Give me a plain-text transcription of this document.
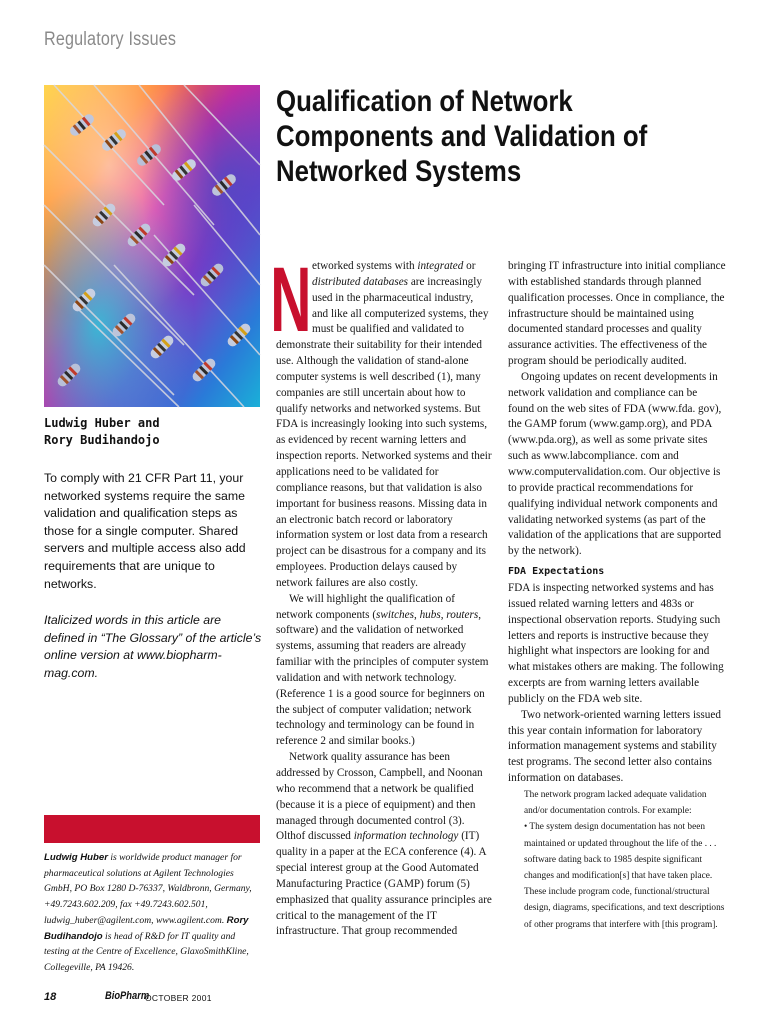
Regulatory Issues
Qualification of Network
Components and Validation of
Networked Systems
Ludwig Huber and
Rory Budihandojo
To comply with 21 CFR Part 11, your networked systems require the same validation and qualification steps as those for a single computer. Shared servers and multiple access also add requirements that are unique to networks.
Italicized words in this article are defined in “The Glossary” of the article’s online version at www.biopharm-mag.com.
Ludwig Huber is worldwide product manager for pharmaceutical solutions at Agilent Technologies GmbH, PO Box 1280 D-76337, Waldbronn, Germany, +49.7243.602.209, fax +49.7243.602.501, ludwig_huber@agilent.com, www.agilent.com. Rory Budihandojo is head of R&D for IT quality and testing at the Centre of Excellence, GlaxoSmithKline, Collegeville, PA 19426.
N etworked systems with integrated or distributed databases are increasingly used in the pharmaceutical industry, and like all computerized systems, they must be qualified and validated to demonstrate their suitability for their intended use. Although the validation of stand-alone computer systems is well described (1), many companies are still uncertain about how to qualify networks and networked systems. But FDA is increasingly looking into such systems, as evidenced by recent warning letters and inspection reports. Networked systems and their applications need to be validated for compliance reasons, but that validation is also important for business reasons. Missing data in an electronic batch record or laboratory information system or lost data from a research project can be disastrous for a company and its employees. Production delays caused by network failures are also costly.

We will highlight the qualification of network components (switches, hubs, routers, software) and the validation of networked systems, assuming that readers are already familiar with the principles of computer system validation and with network technology. (Reference 1 is a good source for beginners on the subject of computer validation; network technology and terminology can be found in reference 2 and similar books.)

Network quality assurance has been addressed by Crosson, Campbell, and Noonan who recommend that a network be qualified (because it is a piece of equipment) and then managed through documented control (3). Olthof discussed information technology (IT) quality in a paper at the ECA conference (4). A special interest group at the Good Automated Manufacturing Practice (GAMP) forum (5) emphasized that quality assurance principles are critical to the management of the IT infrastructure. That group recommended

bringing IT infrastructure into initial compliance with established standards through planned qualification processes. Once in compliance, the infrastructure should be maintained using documented standard processes and quality assurance activities. The effectiveness of the program should be periodically audited.

Ongoing updates on recent developments in network validation and compliance can be found on the web sites of FDA (www.fda. gov), the GAMP forum (www.gamp.org), and PDA (www.pda.org), as well as some private sites such as www.labcompliance. com and www.computervalidation.com. Our objective is to provide practical recommendations for qualifying individual network components and validating networked systems (as part of the validation of the applications that are supported by the network).

FDA Expectations

FDA is inspecting networked systems and has issued related warning letters and 483s or inspectional observation reports. Studying such letters and reports is instructive because they highlight what inspectors are looking for and what mistakes others are making. The following excerpts are from warning letters available publicly on the FDA web site.

Two network-oriented warning letters issued this year contain information for laboratory information management systems and stability test programs. The second letter also contains information on databases.

The network program lacked adequate validation and/or documentation controls. For example:

• The system design documentation has not been maintained or updated throughout the life of the . . . software dating back to 1985 despite significant changes and modification[s] that have taken place. These include program code, functional/structural design, diagrams, specifications, and text descriptions of other programs that interfere with [this program].

18	BioPharm
OCTOBER 2001
